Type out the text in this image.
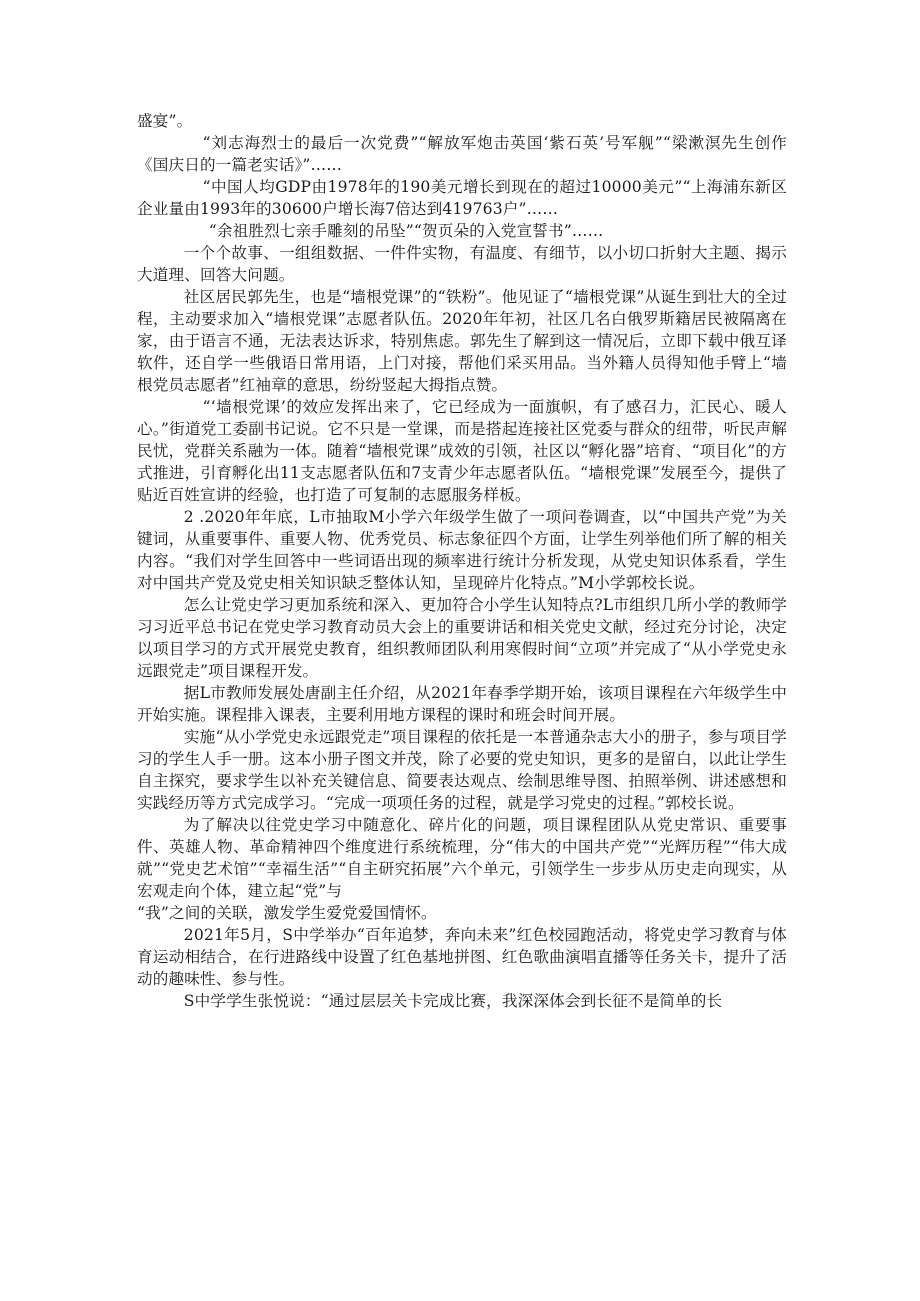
盛宴”。

“刘志海烈士的最后一次党费”“解放军炮击英国‘紫石英’号军舰”“梁漱溟先生创作《国庆日的一篇老实话》”……

“中国人均GDP由1978年的190美元增长到现在的超过10000美元”“上海浦东新区企业量由1993年的30600户增长海7倍达到419763户”……

“余祖胜烈七亲手雕刻的吊坠”“贺页朵的入党宣誓书”……

一个个故事、一组组数据、一件件实物，有温度、有细节，以小切口折射大主题、揭示大道理、回答大问题。

社区居民郭先生，也是“墙根党课”的“铁粉”。他见证了“墙根党课”从诞生到壮大的全过程，主动要求加入“墙根党课”志愿者队伍。2020年年初，社区几名白俄罗斯籍居民被隔离在家，由于语言不通，无法表达诉求，特别焦虑。郭先生了解到这一情况后，立即下载中俄互译软件，还自学一些俄语日常用语，上门对接，帮他们采买用品。当外籍人员得知他手臂上“墙根党员志愿者”红袖章的意思，纷纷竖起大拇指点赞。

“‘墙根党课’的效应发挥出来了，它已经成为一面旗帜，有了感召力，汇民心、暖人心。”街道党工委副书记说。它不只是一堂课，而是搭起连接社区党委与群众的纽带，听民声解民忧，党群关系融为一体。随着“墙根党课”成效的引领，社区以“孵化器”培育、“项目化”的方式推进，引育孵化出11支志愿者队伍和7支青少年志愿者队伍。“墙根党课”发展至今，提供了贴近百姓宣讲的经验，也打造了可复制的志愿服务样板。

2 .2020年年底，L市抽取M小学六年级学生做了一项问卷调查，以“中国共产党”为关键词，从重要事件、重要人物、优秀党员、标志象征四个方面，让学生列举他们所了解的相关内容。“我们对学生回答中一些词语出现的频率进行统计分析发现，从党史知识体系看，学生对中国共产党及党史相关知识缺乏整体认知，呈现碎片化特点。”M小学郭校长说。

怎么让党史学习更加系统和深入、更加符合小学生认知特点?L市组织几所小学的教师学习习近平总书记在党史学习教育动员大会上的重要讲话和相关党史文献，经过充分讨论，决定以项目学习的方式开展党史教育，组织教师团队利用寒假时间“立项”并完成了“从小学党史永远跟党走”项目课程开发。

据L市教师发展处唐副主任介绍，从2021年春季学期开始，该项目课程在六年级学生中开始实施。课程排入课表，主要利用地方课程的课时和班会时间开展。

实施“从小学党史永远跟党走”项目课程的依托是一本普通杂志大小的册子，参与项目学习的学生人手一册。这本小册子图文并茂，除了必要的党史知识，更多的是留白，以此让学生自主探究，要求学生以补充关键信息、简要表达观点、绘制思维导图、拍照举例、讲述感想和实践经历等方式完成学习。“完成一项项任务的过程，就是学习党史的过程。”郭校长说。

为了解决以往党史学习中随意化、碎片化的问题，项目课程团队从党史常识、重要事件、英雄人物、革命精神四个维度进行系统梳理，分“伟大的中国共产党”“光辉历程”“伟大成就”“党史艺术馆”“幸福生活”“自主研究拓展”六个单元，引领学生一步步从历史走向现实，从宏观走向个体，建立起“党”与

“我”之间的关联，激发学生爱党爱国情怀。

2021年5月，S中学举办“百年追梦，奔向未来”红色校园跑活动，将党史学习教育与体育运动相结合，在行进路线中设置了红色基地拼图、红色歌曲演唱直播等任务关卡，提升了活动的趣味性、参与性。

S中学学生张悦说：“通过层层关卡完成比赛，我深深体会到长征不是简单的长
